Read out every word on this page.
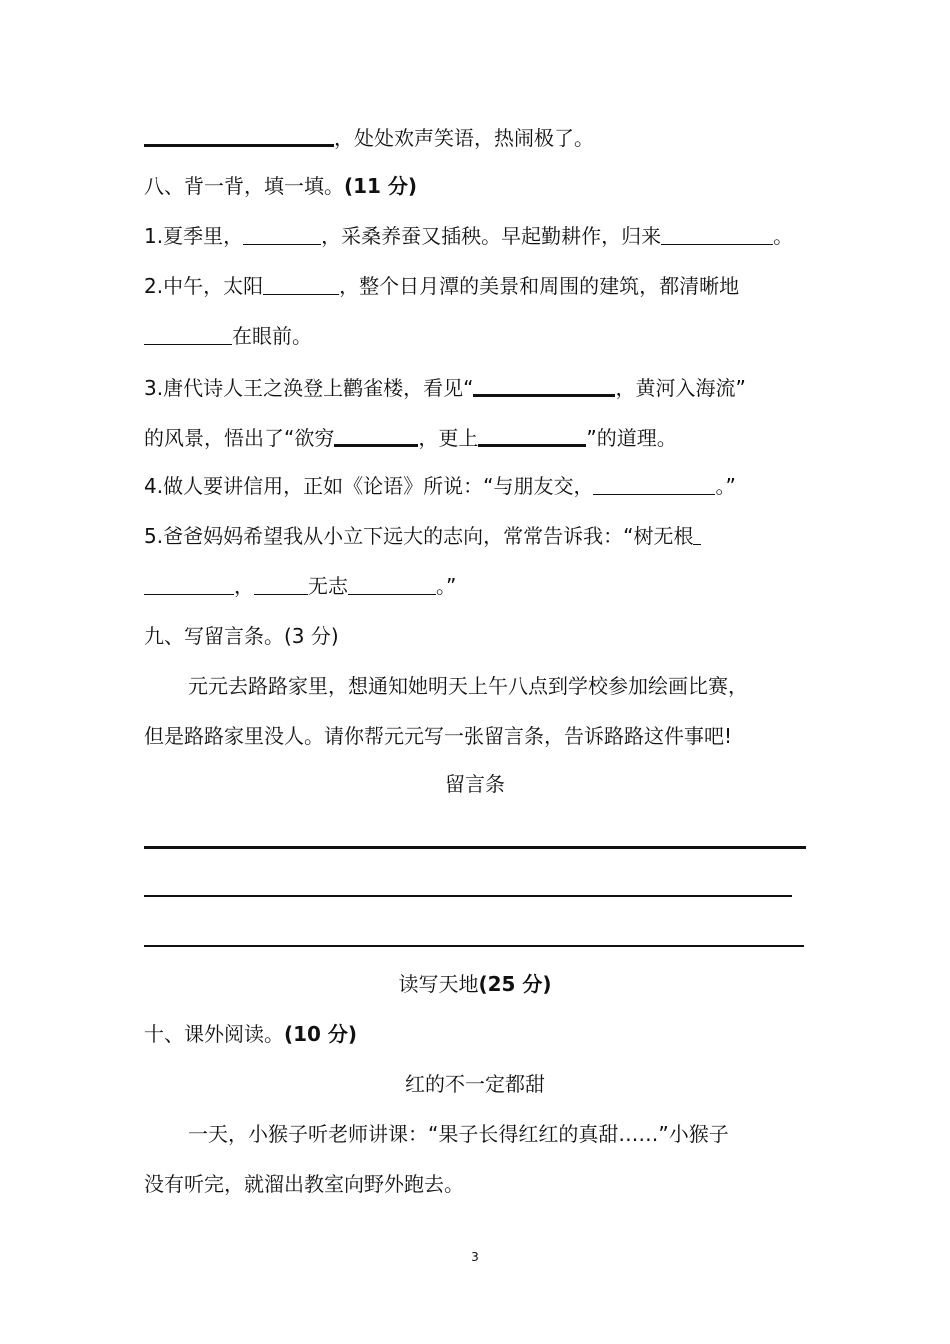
，处处欢声笑语，热闹极了。
八、背一背，填一填。(11 分)
1.夏季里，	，采桑养蚕又插秧。早起勤耕作，归来	。
2.中午，太阳	，整个日月潭的美景和周围的建筑，都清晰地
在眼前。
3.唐代诗人王之涣登上鹳雀楼，看见“	，黄河入海流”
的风景，悟出了“欲穷	，更上	”的道理。
4.做人要讲信用，正如《论语》所说：“与朋友交，	。”
5.爸爸妈妈希望我从小立下远大的志向，常常告诉我：“树无根
，	无志	。”
九、写留言条。(3 分)
元元去路路家里，想通知她明天上午八点到学校参加绘画比赛，
但是路路家里没人。请你帮元元写一张留言条，告诉路路这件事吧!
留言条
读写天地(25 分)
十、课外阅读。(10 分)
红的不一定都甜
一天，小猴子听老师讲课：“果子长得红红的真甜……”小猴子
没有听完，就溜出教室向野外跑去。
3
